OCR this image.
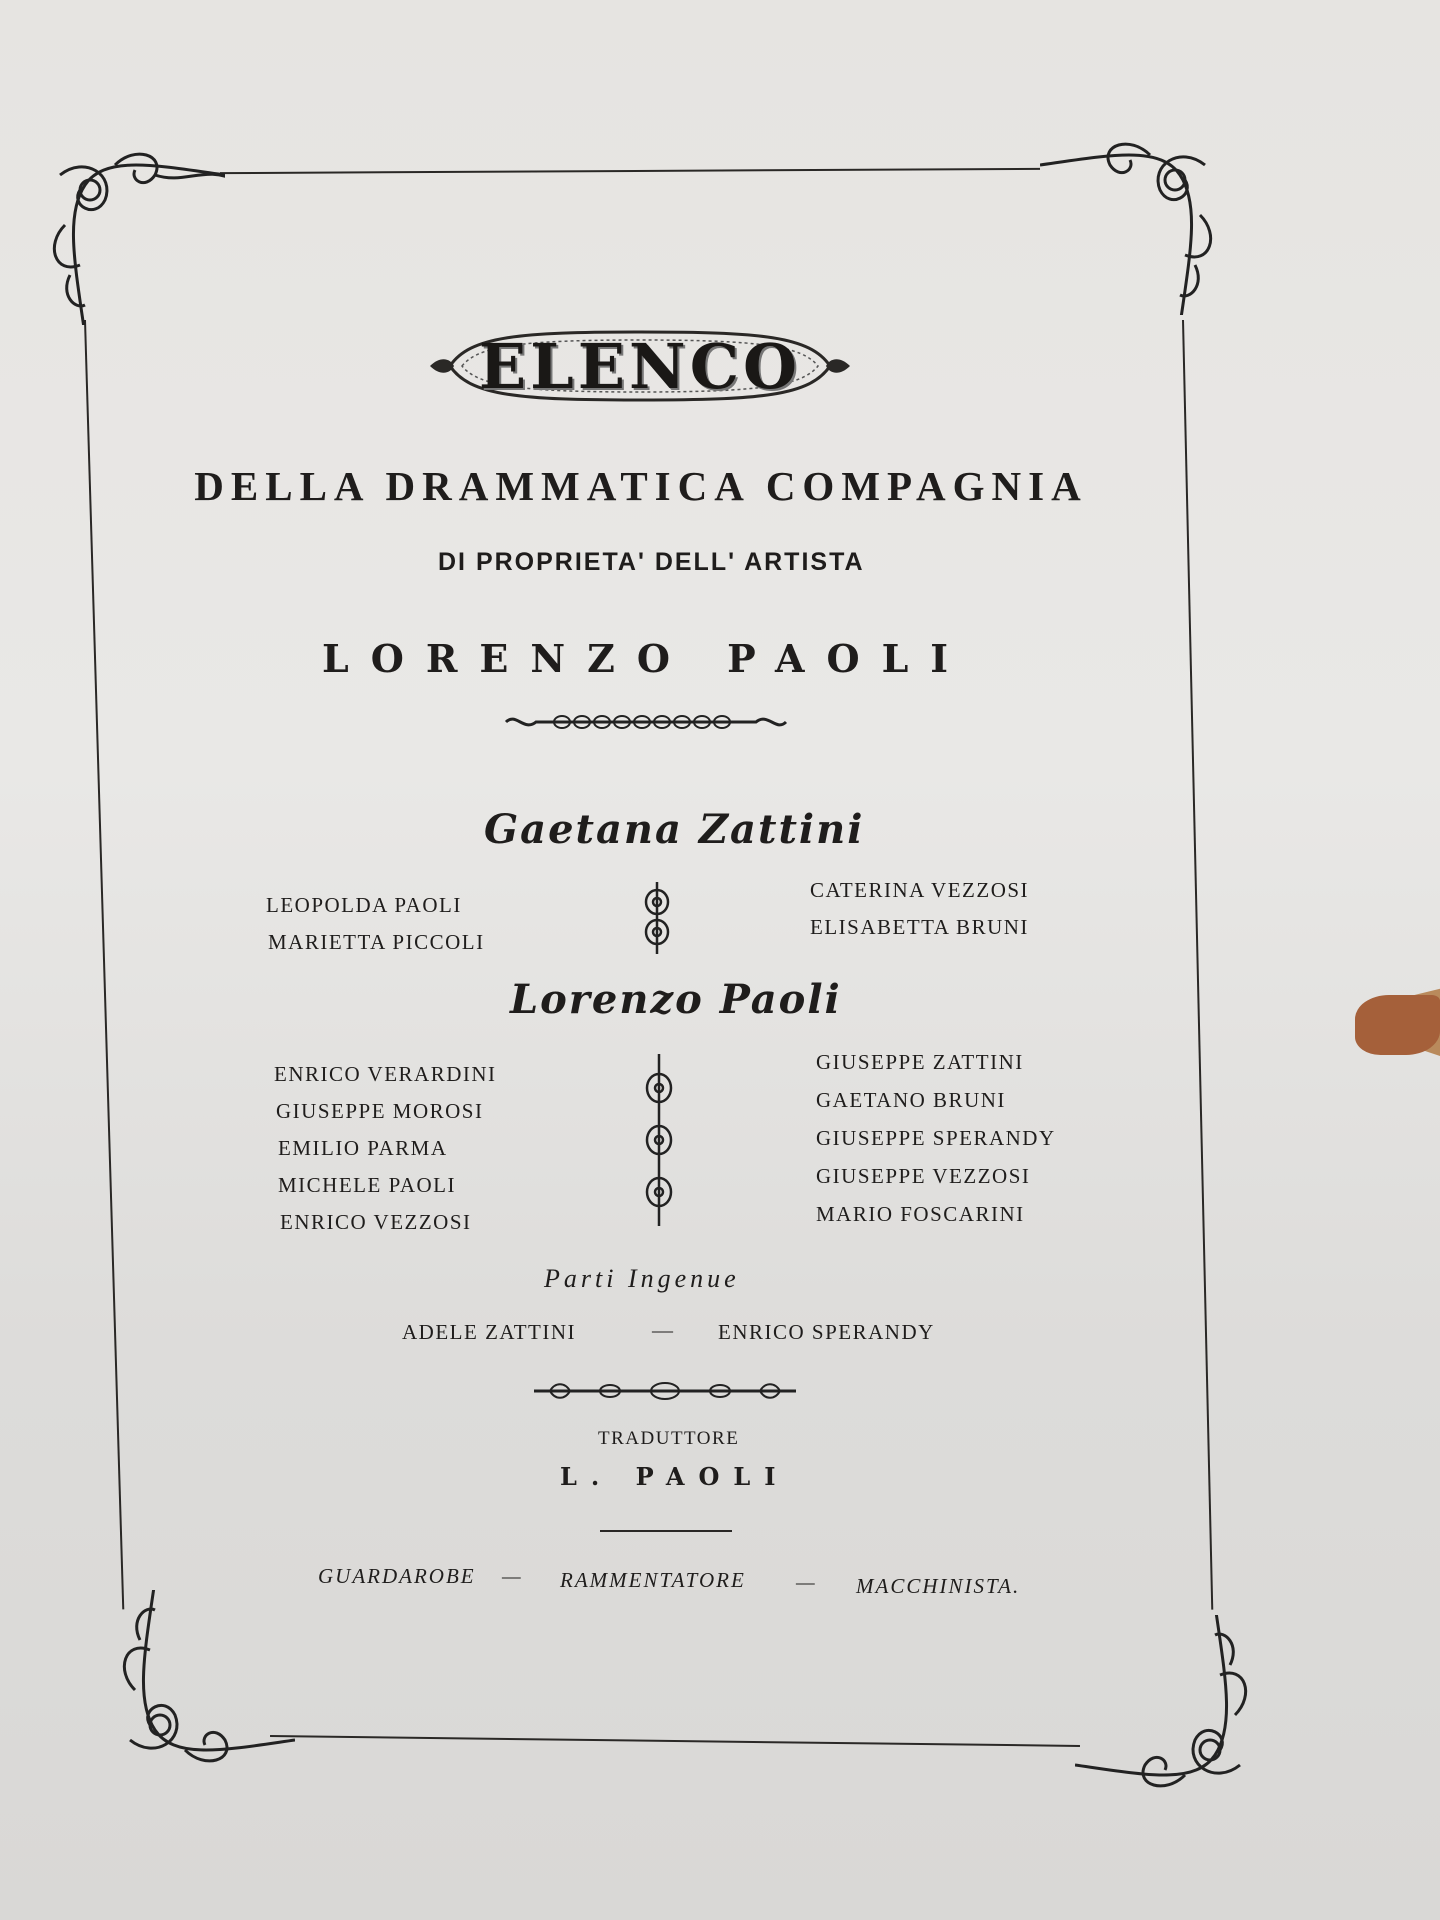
ELENCO
DELLA DRAMMATICA COMPAGNIA
DI PROPRIETA' DELL' ARTISTA
LORENZO PAOLI
Gaetana Zattini
LEOPOLDA PAOLI
MARIETTA PICCOLI
CATERINA VEZZOSI
ELISABETTA BRUNI
Lorenzo Paoli
ENRICO VERARDINI
GIUSEPPE MOROSI
EMILIO PARMA
MICHELE PAOLI
ENRICO VEZZOSI
GIUSEPPE ZATTINI
GAETANO BRUNI
GIUSEPPE SPERANDY
GIUSEPPE VEZZOSI
MARIO FOSCARINI
Parti Ingenue
ADELE ZATTINI	— ENRICO SPERANDY
TRADUTTORE
L. PAOLI
GUARDAROBE — RAMMENTATORE — MACCHINISTA.
